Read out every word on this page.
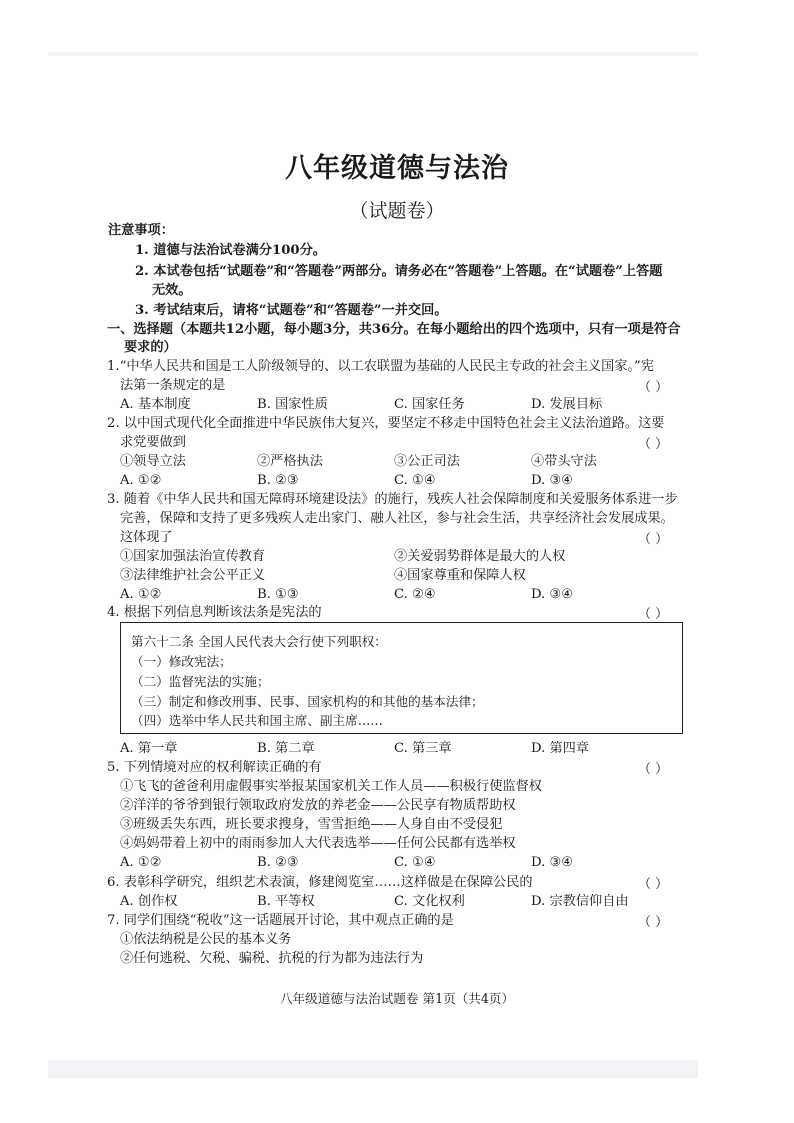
八年级道德与法治
（试题卷）
注意事项：
1. 道德与法治试卷满分100分。
2. 本试卷包括“试题卷”和“答题卷”两部分。请务必在“答题卷”上答题。在“试题卷”上答题
无效。
3. 考试结束后，请将“试题卷”和“答题卷”一并交回。
一、选择题（本题共12小题，每小题3分，共36分。在每小题给出的四个选项中，只有一项是符合
要求的）
1.“中华人民共和国是工人阶级领导的、以工农联盟为基础的人民民主专政的社会主义国家。”宪
法第一条规定的是	（ ）
A. 基本制度	B. 国家性质	C. 国家任务	D. 发展目标
2. 以中国式现代化全面推进中华民族伟大复兴，要坚定不移走中国特色社会主义法治道路。这要
求党要做到	（ ）
①领导立法	②严格执法	③公正司法	④带头守法
A. ①②	B. ②③	C. ①④	D. ③④
3. 随着《中华人民共和国无障碍环境建设法》的施行，残疾人社会保障制度和关爱服务体系进一步
完善，保障和支持了更多残疾人走出家门、融人社区，参与社会生活，共享经济社会发展成果。
这体现了	（ ）
①国家加强法治宣传教育	②关爱弱势群体是最大的人权
③法律维护社会公平正义	④国家尊重和保障人权
A. ①②	B. ①③	C. ②④	D. ③④
4. 根据下列信息判断该法条是宪法的	（ ）
第六十二条 全国人民代表大会行使下列职权：
（一）修改宪法；
（二）监督宪法的实施；
（三）制定和修改刑事、民事、国家机构的和其他的基本法律；
（四）选举中华人民共和国主席、副主席……
A. 第一章	B. 第二章	C. 第三章	D. 第四章
5. 下列情境对应的权利解读正确的有	（ ）
①飞飞的爸爸利用虚假事实举报某国家机关工作人员——积极行使监督权
②洋洋的爷爷到银行领取政府发放的养老金——公民享有物质帮助权
③班级丢失东西，班长要求搜身，雪雪拒绝——人身自由不受侵犯
④妈妈带着上初中的雨雨参加人大代表选举——任何公民都有选举权
A. ①②	B. ②③	C. ①④	D. ③④
6. 表彰科学研究，组织艺术表演，修建阅览室……这样做是在保障公民的	（ ）
A. 创作权	B. 平等权	C. 文化权利	D. 宗教信仰自由
7. 同学们围绕“税收”这一话题展开讨论，其中观点正确的是	（ ）
①依法纳税是公民的基本义务
②任何逃税、欠税、骗税、抗税的行为都为违法行为
八年级道德与法治试题卷 第1页（共4页）
